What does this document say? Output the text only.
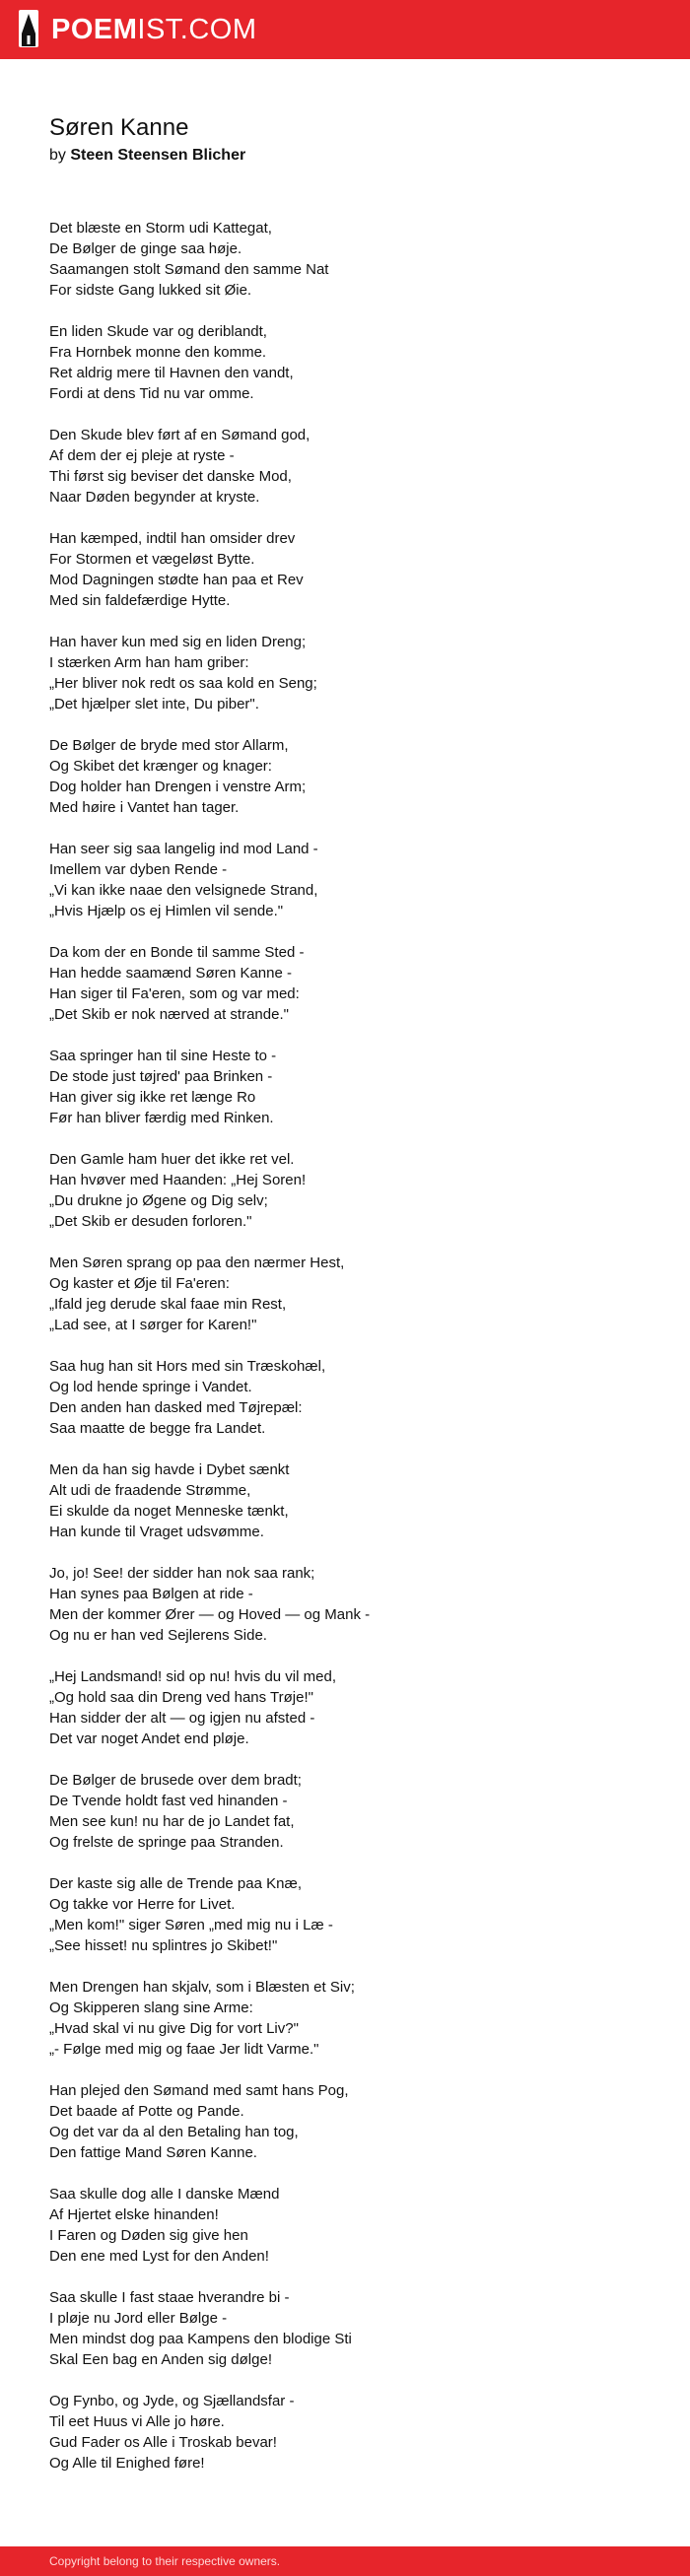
POEMIST.COM
Søren Kanne
by Steen Steensen Blicher
Det blæste en Storm udi Kattegat,
De Bølger de ginge saa høje.
Saamangen stolt Sømand den samme Nat
For sidste Gang lukked sit Øie.
En liden Skude var og deriblandt,
Fra Hornbek monne den komme.
Ret aldrig mere til Havnen den vandt,
Fordi at dens Tid nu var omme.
Den Skude blev ført af en Sømand god,
Af dem der ej pleje at ryste -
Thi først sig beviser det danske Mod,
Naar Døden begynder at kryste.
Han kæmped, indtil han omsider drev
For Stormen et vægeløst Bytte.
Mod Dagningen stødte han paa et Rev
Med sin faldefærdige Hytte.
Han haver kun med sig en liden Dreng;
I stærken Arm han ham griber:
„Her bliver nok redt os saa kold en Seng;
„Det hjælper slet inte, Du piber".
De Bølger de bryde med stor Allarm,
Og Skibet det krænger og knager:
Dog holder han Drengen i venstre Arm;
Med høire i Vantet han tager.
Han seer sig saa langelig ind mod Land -
Imellem var dyben Rende -
„Vi kan ikke naae den velsignede Strand,
„Hvis Hjælp os ej Himlen vil sende."
Da kom der en Bonde til samme Sted -
Han hedde saamænd Søren Kanne -
Han siger til Fa'eren, som og var med:
„Det Skib er nok nærved at strande."
Saa springer han til sine Heste to -
De stode just tøjred' paa Brinken -
Han giver sig ikke ret længe Ro
Før han bliver færdig med Rinken.
Den Gamle ham huer det ikke ret vel.
Han hvøver med Haanden: „Hej Soren!
„Du drukne jo Øgene og Dig selv;
„Det Skib er desuden forloren."
Men Søren sprang op paa den nærmer Hest,
Og kaster et Øje til Fa'eren:
„Ifald jeg derude skal faae min Rest,
„Lad see, at I sørger for Karen!"
Saa hug han sit Hors med sin Træskohæl,
Og lod hende springe i Vandet.
Den anden han dasked med Tøjrepæl:
Saa maatte de begge fra Landet.
Men da han sig havde i Dybet sænkt
Alt udi de fraadende Strømme,
Ei skulde da noget Menneske tænkt,
Han kunde til Vraget udsvømme.
Jo, jo! See! der sidder han nok saa rank;
Han synes paa Bølgen at ride -
Men der kommer Ører — og Hoved — og Mank -
Og nu er han ved Sejlerens Side.
„Hej Landsmand! sid op nu! hvis du vil med,
„Og hold saa din Dreng ved hans Trøje!"
Han sidder der alt — og igjen nu afsted -
Det var noget Andet end pløje.
De Bølger de brusede over dem bradt;
De Tvende holdt fast ved hinanden -
Men see kun! nu har de jo Landet fat,
Og frelste de springe paa Stranden.
Der kaste sig alle de Trende paa Knæ,
Og takke vor Herre for Livet.
„Men kom!" siger Søren „med mig nu i Læ -
„See hisset! nu splintres jo Skibet!"
Men Drengen han skjalv, som i Blæsten et Siv;
Og Skipperen slang sine Arme:
„Hvad skal vi nu give Dig for vort Liv?"
„- Følge med mig og faae Jer lidt Varme."
Han plejed den Sømand med samt hans Pog,
Det baade af Potte og Pande.
Og det var da al den Betaling han tog,
Den fattige Mand Søren Kanne.
Saa skulle dog alle I danske Mænd
Af Hjertet elske hinanden!
I Faren og Døden sig give hen
Den ene med Lyst for den Anden!
Saa skulle I fast staae hverandre bi -
I pløje nu Jord eller Bølge -
Men mindst dog paa Kampens den blodige Sti
Skal Een bag en Anden sig dølge!
Og Fynbo, og Jyde, og Sjællandsfar -
Til eet Huus vi Alle jo høre.
Gud Fader os Alle i Troskab bevar!
Og Alle til Enighed føre!
Copyright belong to their respective owners.
